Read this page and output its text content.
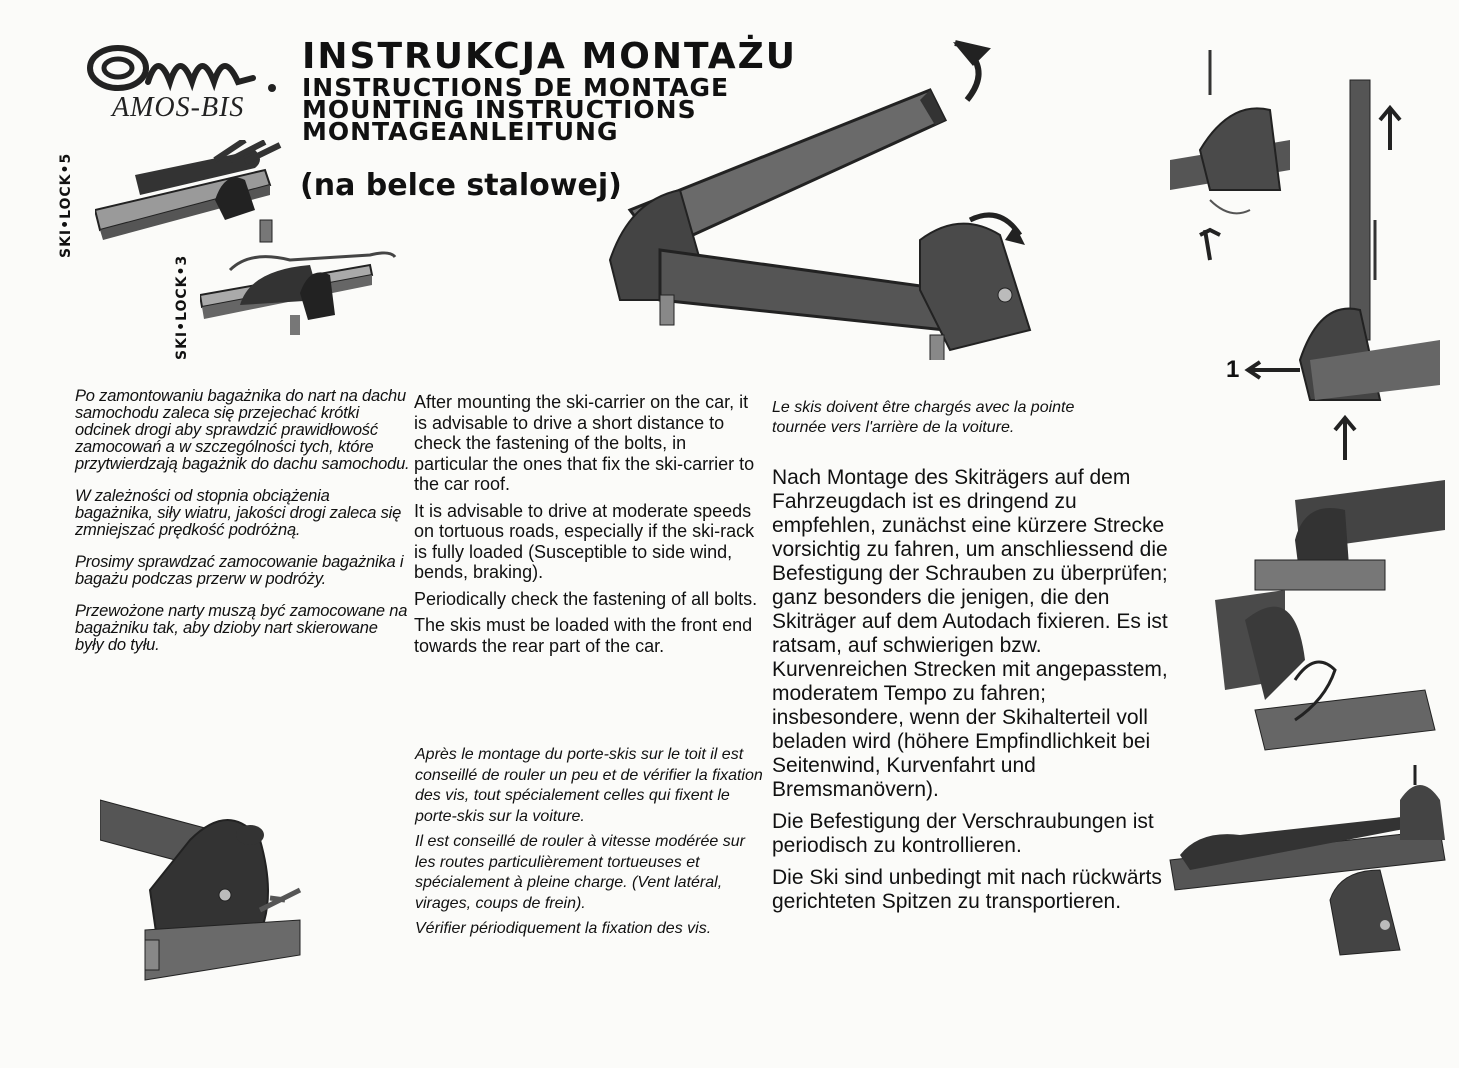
AMOS-BIS
INSTRUKCJA MONTAŻU
INSTRUCTIONS DE MONTAGE
MOUNTING INSTRUCTIONS
MONTAGEANLEITUNG
(na belce stalowej)
SKI•LOCK•5
SKI•LOCK•3
1

Po zamontowaniu bagażnika do nart na dachu samochodu zaleca się przejechać krótki odcinek drogi aby sprawdzić prawidłowość zamocowań a w szczególności tych, które przytwierdzają bagażnik do dachu samochodu.

W zależności od stopnia obciążenia bagażnika, siły wiatru, jakości drogi zaleca się zmniejszać prędkość podróżną.

Prosimy sprawdzać zamocowanie bagażnika i bagażu podczas przerw w podróży.

Przewożone narty muszą być zamocowane na bagażniku tak, aby dzioby nart skierowane były do tyłu.

After mounting the ski-carrier on the car, it is advisable to drive a short distance to check the fastening of the bolts, in particular the ones that fix the ski-carrier to the car roof.

It is advisable to drive at moderate speeds on tortuous roads, especially if the ski-rack is fully loaded (Susceptible to side wind, bends, braking).

Periodically check the fastening of all bolts.

The skis must be loaded with the front end towards the rear part of the car.

Le skis doivent être chargés avec la pointe tournée vers l'arrière de la voiture.

Après le montage du porte-skis sur le toit il est conseillé de rouler un peu et de vérifier la fixation des vis, tout spécialement celles qui fixent le porte-skis sur la voiture.

Il est conseillé de rouler à vitesse modérée sur les routes particulièrement tortueuses et spécialement à pleine charge. (Vent latéral, virages, coups de frein).

Vérifier périodiquement la fixation des vis.

Nach Montage des Skiträgers auf dem Fahrzeugdach ist es dringend zu empfehlen, zunächst eine kürzere Strecke vorsichtig zu fahren, um anschliessend die Befestigung der Schrauben zu überprüfen; ganz besonders die jenigen, die den Skiträger auf dem Autodach fixieren. Es ist ratsam, auf schwierigen bzw. Kurvenreichen Strecken mit angepasstem, moderatem Tempo zu fahren; insbesondere, wenn der Skihalterteil voll beladen wird (höhere Empfindlichkeit bei Seitenwind, Kurvenfahrt und Bremsmanövern).

Die Befestigung der Verschraubungen ist periodisch zu kontrollieren.

Die Ski sind unbedingt mit nach rückwärts gerichteten Spitzen zu transportieren.
